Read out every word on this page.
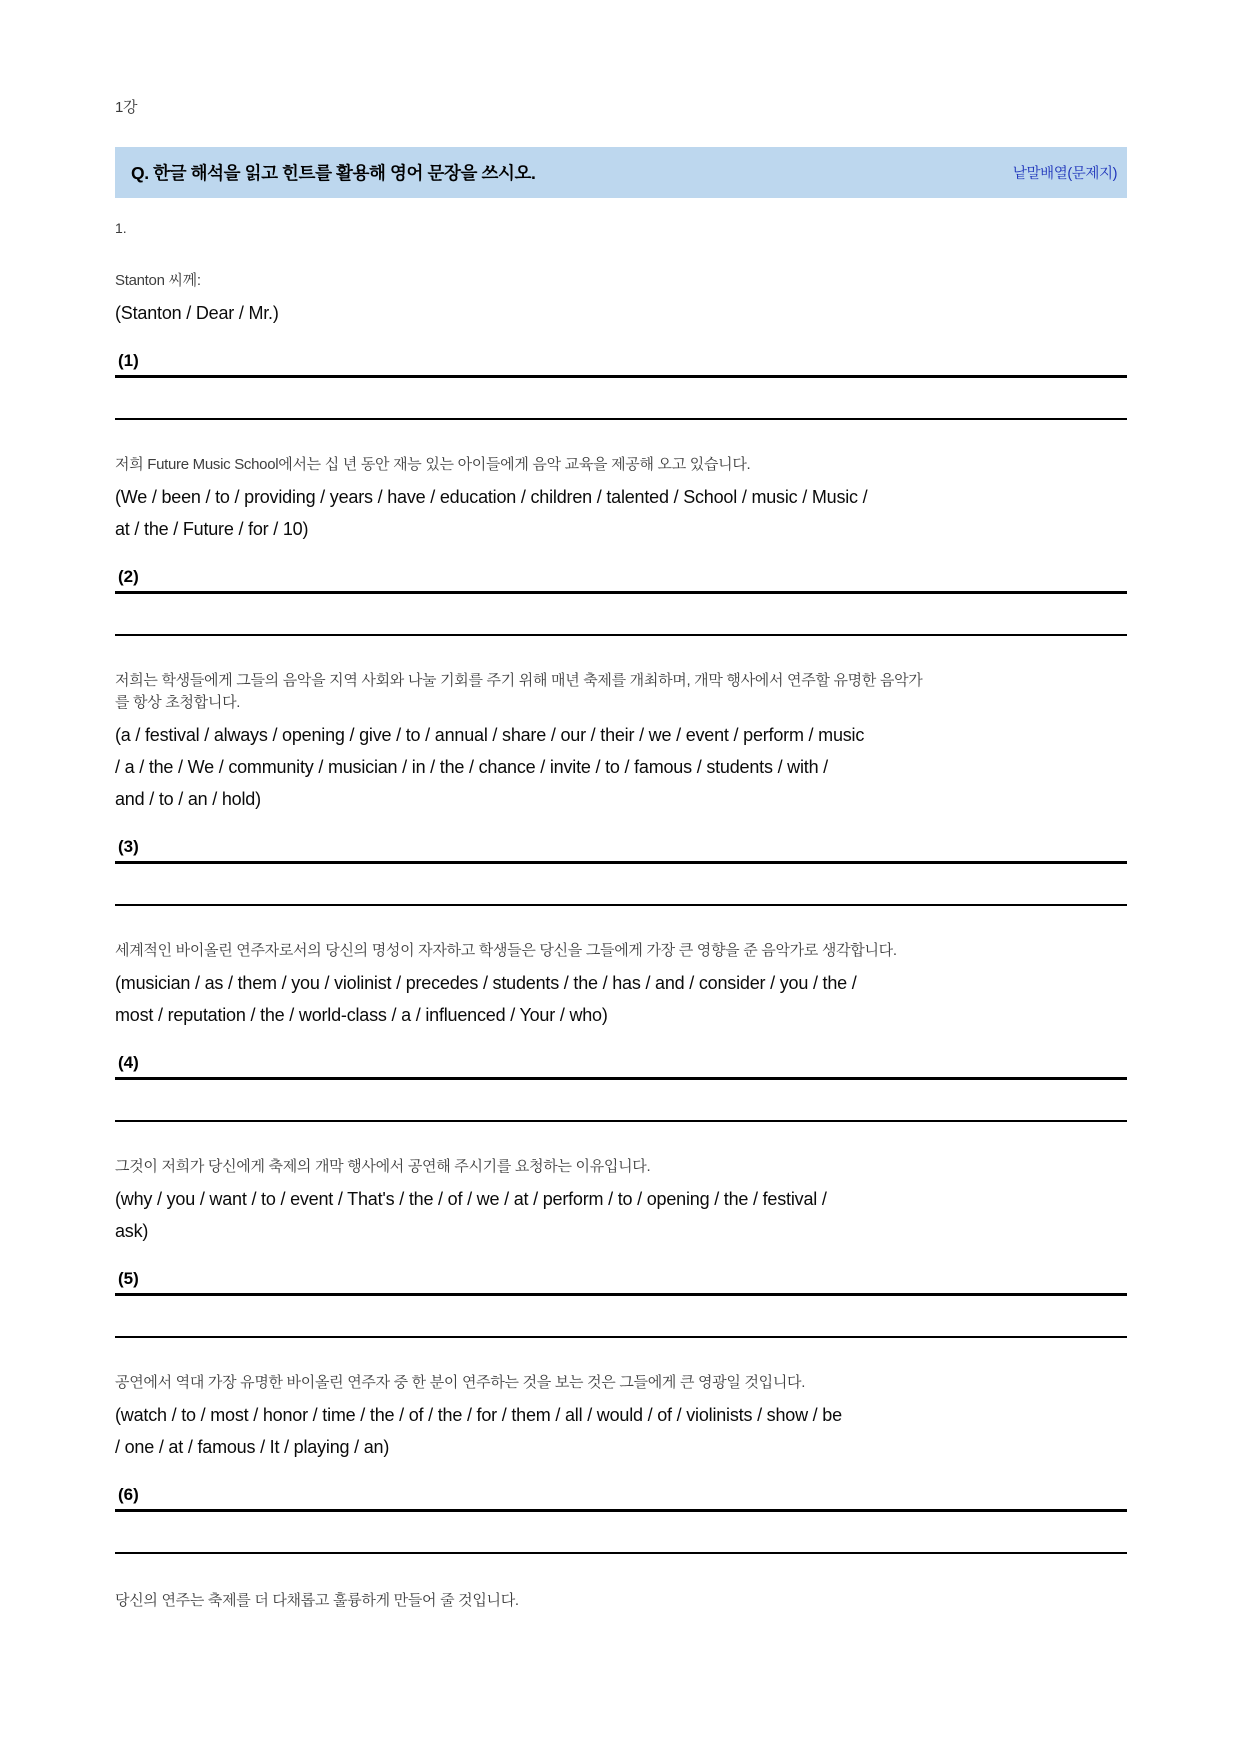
1강
Q. 한글 해석을 읽고 힌트를 활용해 영어 문장을 쓰시오.	낱말배열(문제지)
1.
Stanton 씨께:
(Stanton / Dear / Mr.)
(1)
저희 Future Music School에서는 십 년 동안 재능 있는 아이들에게 음악 교육을 제공해 오고 있습니다.
(We / been / to / providing / years / have / education / children / talented / School / music / Music /
at / the / Future / for / 10)
(2)
저희는 학생들에게 그들의 음악을 지역 사회와 나눌 기회를 주기 위해 매년 축제를 개최하며, 개막 행사에서 연주할 유명한 음악가
를 항상 초청합니다.
(a / festival / always / opening / give / to / annual / share / our / their / we / event / perform / music
/ a / the / We / community / musician / in / the / chance / invite / to / famous / students / with /
and / to / an / hold)
(3)
세계적인 바이올린 연주자로서의 당신의 명성이 자자하고 학생들은 당신을 그들에게 가장 큰 영향을 준 음악가로 생각합니다.
(musician / as / them / you / violinist / precedes / students / the / has / and / consider / you / the /
most / reputation / the / world-class / a / influenced / Your / who)
(4)
그것이 저희가 당신에게 축제의 개막 행사에서 공연해 주시기를 요청하는 이유입니다.
(why / you / want / to / event / That's / the / of / we / at / perform / to / opening / the / festival /
ask)
(5)
공연에서 역대 가장 유명한 바이올린 연주자 중 한 분이 연주하는 것을 보는 것은 그들에게 큰 영광일 것입니다.
(watch / to / most / honor / time / the / of / the / for / them / all / would / of / violinists / show / be
/ one / at / famous / It / playing / an)
(6)
당신의 연주는 축제를 더 다채롭고 훌륭하게 만들어 줄 것입니다.
